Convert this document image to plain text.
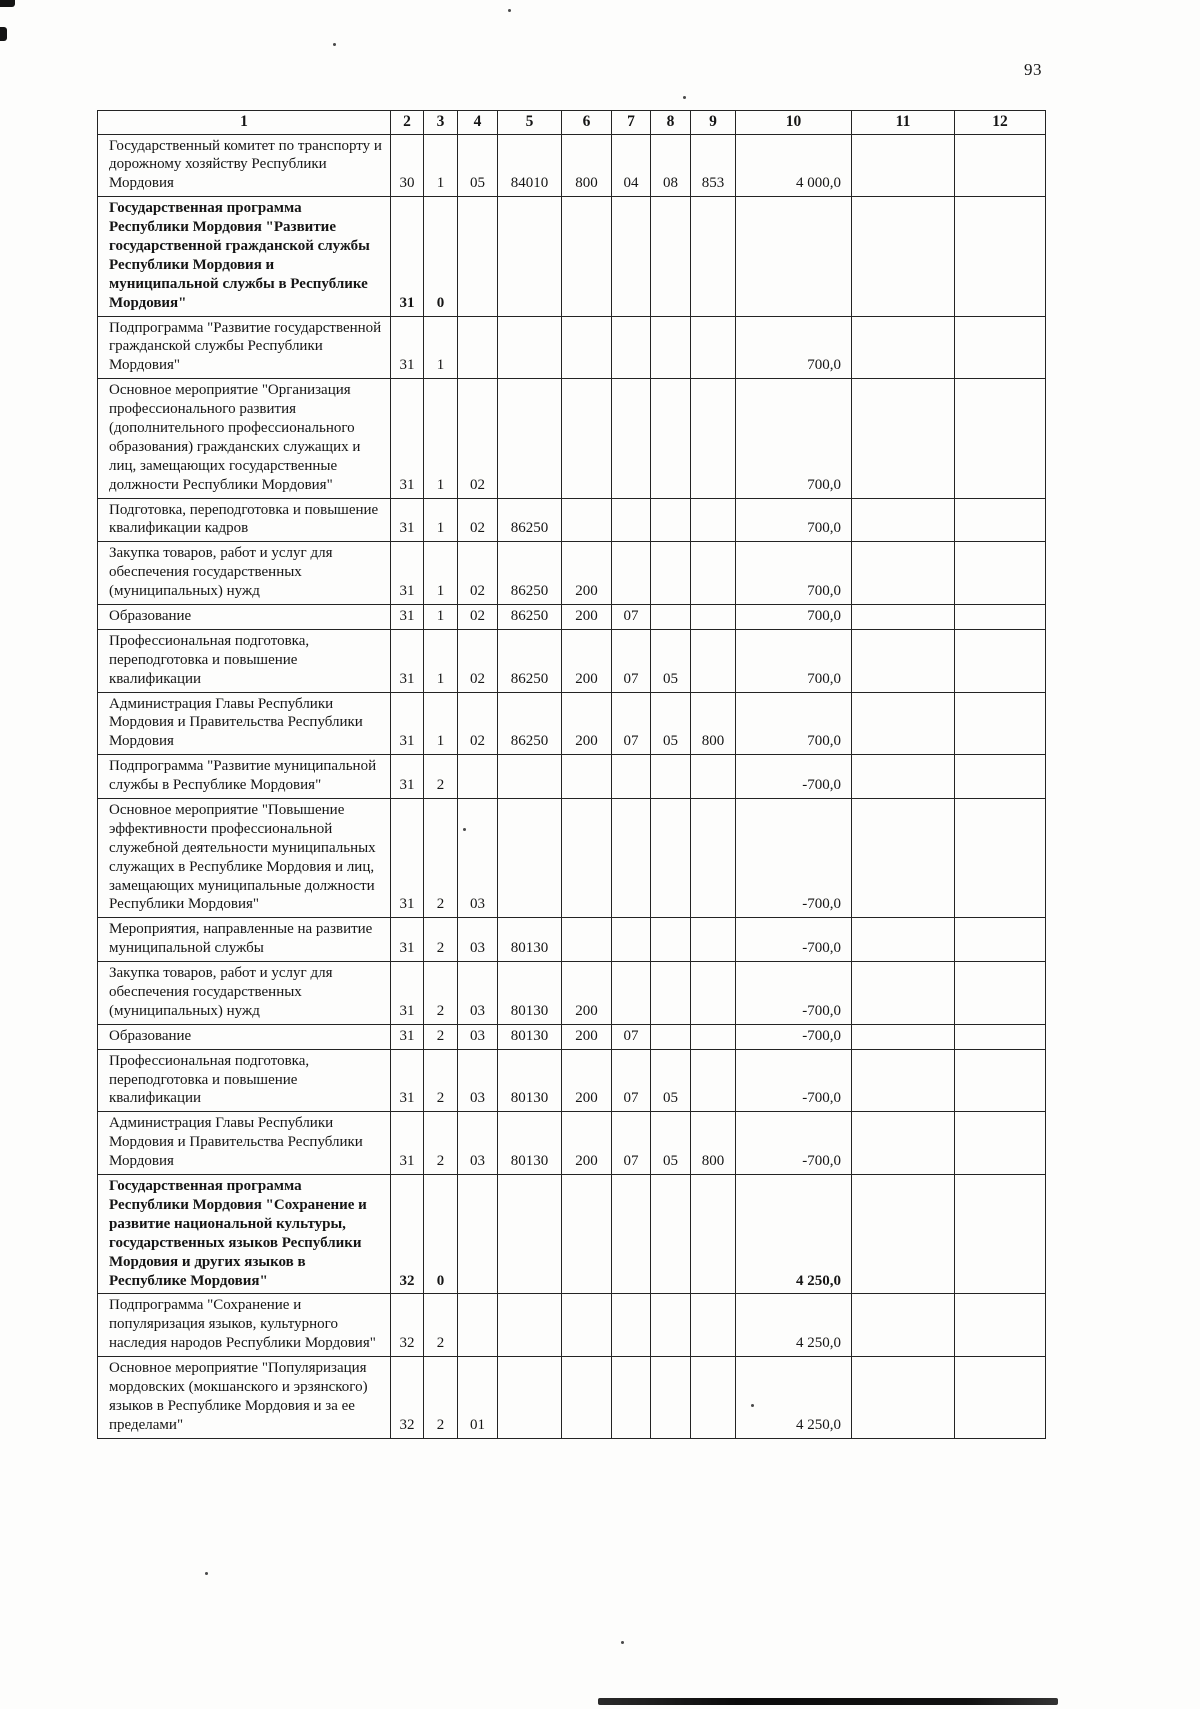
93
1	2	3	4	5	6	7	8	9	10	11	12
Государственный комитет по транспорту и дорожному хозяйству Республики Мордовия	30	1	05	84010	800	04	08	853	4 000,0		
Государственная программа Республики Мордовия "Развитие государственной гражданской службы Республики Мордовия и муниципальной службы в Республике Мордовия"	31	0									
Подпрограмма "Развитие государственной гражданской службы Республики Мордовия"	31	1							700,0		
Основное мероприятие "Организация профессионального развития (дополнительного профессионального образования) гражданских служащих и лиц, замещающих государственные должности Республики Мордовия"	31	1	02						700,0		
Подготовка, переподготовка и повышение квалификации кадров	31	1	02	86250					700,0		
Закупка товаров, работ и услуг для обеспечения государственных (муниципальных) нужд	31	1	02	86250	200				700,0		
Образование	31	1	02	86250	200	07			700,0		
Профессиональная подготовка, переподготовка и повышение квалификации	31	1	02	86250	200	07	05		700,0		
Администрация Главы Республики Мордовия и Правительства Республики Мордовия	31	1	02	86250	200	07	05	800	700,0		
Подпрограмма "Развитие муниципальной службы в Республике Мордовия"	31	2							-700,0		
Основное мероприятие "Повышение эффективности профессиональной служебной деятельности муниципальных служащих в Республике Мордовия и лиц, замещающих муниципальные должности Республики Мордовия"	31	2	03						-700,0		
Мероприятия, направленные на развитие муниципальной службы	31	2	03	80130					-700,0		
Закупка товаров, работ и услуг для обеспечения государственных (муниципальных) нужд	31	2	03	80130	200				-700,0		
Образование	31	2	03	80130	200	07			-700,0		
Профессиональная подготовка, переподготовка и повышение квалификации	31	2	03	80130	200	07	05		-700,0		
Администрация Главы Республики Мордовия и Правительства Республики Мордовия	31	2	03	80130	200	07	05	800	-700,0		
Государственная программа Республики Мордовия "Сохранение и развитие национальной культуры, государственных языков Республики Мордовия и других языков в Республике Мордовия"	32	0							4 250,0		
Подпрограмма "Сохранение и популяризация языков, культурного наследия народов Республики Мордовия"	32	2							4 250,0		
Основное мероприятие "Популяризация мордовских (мокшанского и эрзянского) языков в Республике Мордовия и за ее пределами"	32	2	01						4 250,0		
